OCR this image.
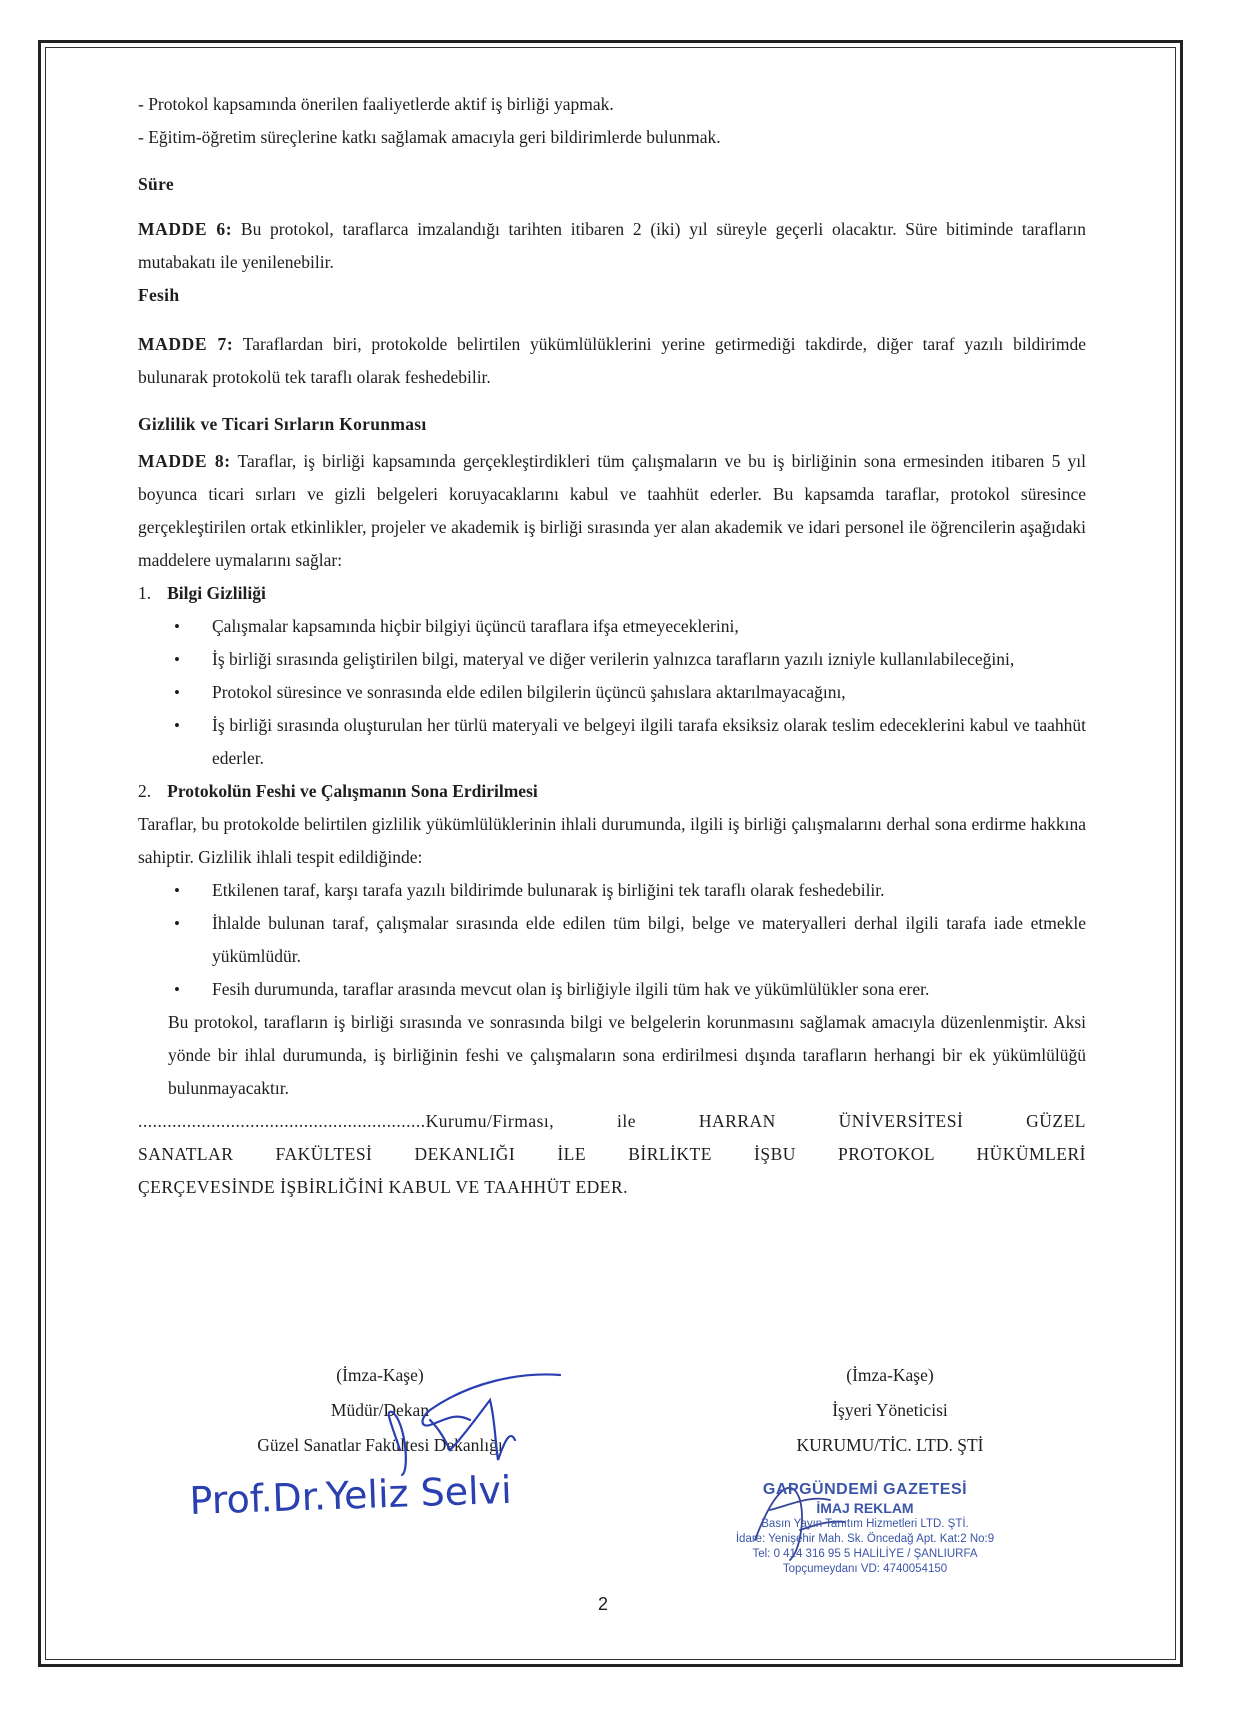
- Protokol kapsamında önerilen faaliyetlerde aktif iş birliği yapmak.

- Eğitim-öğretim süreçlerine katkı sağlamak amacıyla geri bildirimlerde bulunmak.

Süre

MADDE 6: Bu protokol, taraflarca imzalandığı tarihten itibaren 2 (iki) yıl süreyle geçerli olacaktır. Süre bitiminde tarafların mutabakatı ile yenilenebilir.

Fesih

MADDE 7: Taraflardan biri, protokolde belirtilen yükümlülüklerini yerine getirmediği takdirde, diğer taraf yazılı bildirimde bulunarak protokolü tek taraflı olarak feshedebilir.

Gizlilik ve Ticari Sırların Korunması

MADDE 8: Taraflar, iş birliği kapsamında gerçekleştirdikleri tüm çalışmaların ve bu iş birliğinin sona ermesinden itibaren 5 yıl boyunca ticari sırları ve gizli belgeleri koruyacaklarını kabul ve taahhüt ederler. Bu kapsamda taraflar, protokol süresince gerçekleştirilen ortak etkinlikler, projeler ve akademik iş birliği sırasında yer alan akademik ve idari personel ile öğrencilerin aşağıdaki maddelere uymalarını sağlar:

1. Bilgi Gizliliği

• Çalışmalar kapsamında hiçbir bilgiyi üçüncü taraflara ifşa etmeyeceklerini,
• İş birliği sırasında geliştirilen bilgi, materyal ve diğer verilerin yalnızca tarafların yazılı izniyle kullanılabileceğini,
• Protokol süresince ve sonrasında elde edilen bilgilerin üçüncü şahıslara aktarılmayacağını,
• İş birliği sırasında oluşturulan her türlü materyali ve belgeyi ilgili tarafa eksiksiz olarak teslim edeceklerini kabul ve taahhüt ederler.

2. Protokolün Feshi ve Çalışmanın Sona Erdirilmesi

Taraflar, bu protokolde belirtilen gizlilik yükümlülüklerinin ihlali durumunda, ilgili iş birliği çalışmalarını derhal sona erdirme hakkına sahiptir. Gizlilik ihlali tespit edildiğinde:

• Etkilenen taraf, karşı tarafa yazılı bildirimde bulunarak iş birliğini tek taraflı olarak feshedebilir.
• İhlalde bulunan taraf, çalışmalar sırasında elde edilen tüm bilgi, belge ve materyalleri derhal ilgili tarafa iade etmekle yükümlüdür.
• Fesih durumunda, taraflar arasında mevcut olan iş birliğiyle ilgili tüm hak ve yükümlülükler sona erer.

Bu protokol, tarafların iş birliği sırasında ve sonrasında bilgi ve belgelerin korunmasını sağlamak amacıyla düzenlenmiştir. Aksi yönde bir ihlal durumunda, iş birliğinin feshi ve çalışmaların sona erdirilmesi dışında tarafların herhangi bir ek yükümlülüğü bulunmayacaktır.

...........................................................Kurumu/Firması, ile HARRAN ÜNİVERSİTESİ GÜZEL

SANATLAR FAKÜLTESİ DEKANLIĞI İLE BİRLİKTE İŞBU PROTOKOL HÜKÜMLERİ

ÇERÇEVESİNDE İŞBİRLİĞİNİ KABUL VE TAAHHÜT EDER.

(İmza-Kaşe)
Müdür/Dekan
Güzel Sanatlar Fakültesi Dekanlığı
(İmza-Kaşe)
İşyeri Yöneticisi
KURUMU/TİC. LTD. ŞTİ
Prof.Dr.Yeliz Selvi	GAPGÜNDEMİ GAZETESİ
İMAJ REKLAM
Basın Yayın Tanıtım Hizmetleri LTD. ŞTİ.
İdare: Yenişehir Mah. Sk. Öncedağ Apt. Kat:2 No:9
Tel: 0 414 316 95 5 HALİLİYE / ŞANLIURFA
Topçumeydanı VD: 4740054150
2
